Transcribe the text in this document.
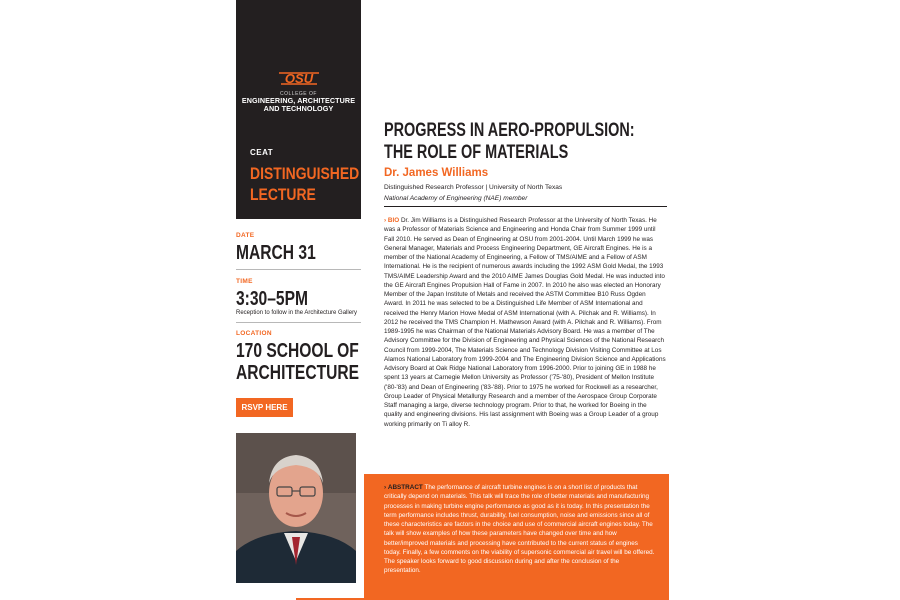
OSU
COLLEGE OF
ENGINEERING, ARCHITECTURE AND TECHNOLOGY
CEAT
DISTINGUISHED
LECTURE
DATE
MARCH 31
TIME
3:30–5PM
Reception to follow in the Architecture Gallery
LOCATION
170 SCHOOL OF
ARCHITECTURE
RSVP HERE
PROGRESS IN AERO-PROPULSION:
THE ROLE OF MATERIALS
Dr. James Williams
Distinguished Research Professor | University of North Texas
National Academy of Engineering (NAE) member
› BIO Dr. Jim Williams is a Distinguished Research Professor at the University of North Texas. He was a Professor of Materials Science and Engineering and Honda Chair from Summer 1999 until Fall 2010. He served as Dean of Engineering at OSU from 2001-2004. Until March 1999 he was General Manager, Materials and Process Engineering Department, GE Aircraft Engines. He is a member of the National Academy of Engineering, a Fellow of TMS/AIME and a Fellow of ASM International. He is the recipient of numerous awards including the 1992 ASM Gold Medal, the 1993 TMS/AIME Leadership Award and the 2010 AIME James Douglas Gold Medal. He was inducted into the GE Aircraft Engines Propulsion Hall of Fame in 2007. In 2010 he also was elected an Honorary Member of the Japan Institute of Metals and received the ASTM Committee B10 Russ Ogden Award. In 2011 he was selected to be a Distinguished Life Member of ASM International and received the Henry Marion Howe Medal of ASM International (with A. Pilchak and R. Williams). In 2012 he received the TMS Champion H. Mathewson Award (with A. Pilchak and R. Williams). From 1989-1995 he was Chairman of the National Materials Advisory Board. He was a member of The Advisory Committee for the Division of Engineering and Physical Sciences of the National Research Council from 1999-2004, The Materials Science and Technology Division Visiting Committee at Los Alamos National Laboratory from 1999-2004 and The Engineering Division Science and Applications Advisory Board at Oak Ridge National Laboratory from 1996-2000. Prior to joining GE in 1988 he spent 13 years at Carnegie Mellon University as Professor ('75-'80), President of Mellon Institute ('80-'83) and Dean of Engineering ('83-'88). Prior to 1975 he worked for Rockwell as a researcher, Group Leader of Physical Metallurgy Research and a member of the Aerospace Group Corporate Staff managing a large, diverse technology program. Prior to that, he worked for Boeing in the quality and engineering divisions. His last assignment with Boeing was a Group Leader of a group working primarily on Ti alloy R.
› ABSTRACT The performance of aircraft turbine engines is on a short list of products that critically depend on materials. This talk will trace the role of better materials and manufacturing processes in making turbine engine performance as good as it is today. In this presentation the term performance includes thrust, durability, fuel consumption, noise and emissions since all of these characteristics are factors in the choice and use of commercial aircraft engines today. The talk will show examples of how these parameters have changed over time and how better/improved materials and processing have contributed to the current status of engines today. Finally, a few comments on the viability of supersonic commercial air travel will be offered. The speaker looks forward to good discussion during and after the conclusion of the presentation.
